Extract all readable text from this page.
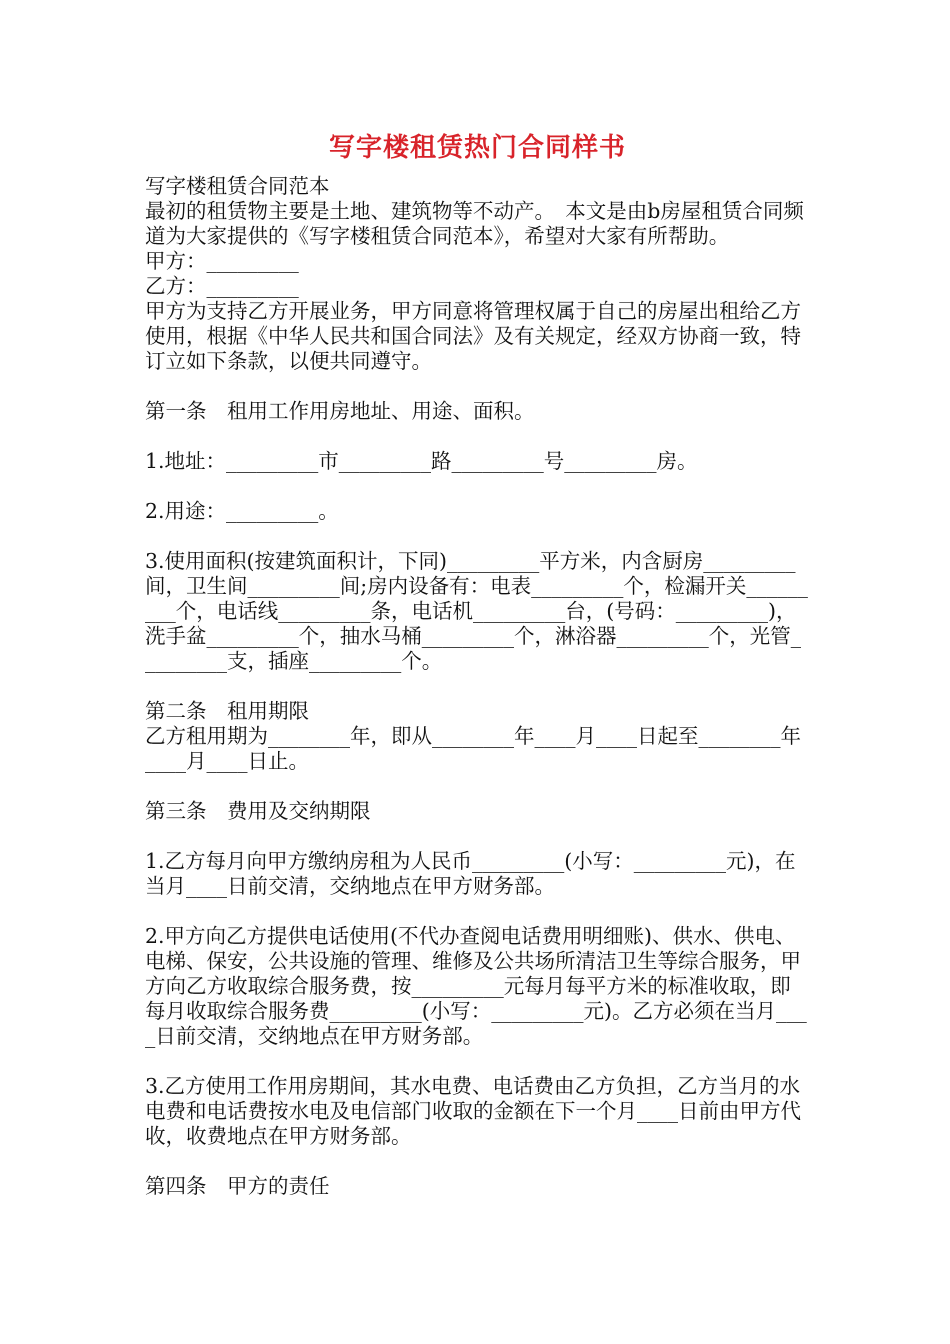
写字楼租赁热门合同样书

写字楼租赁合同范本

最初的租赁物主要是土地、建筑物等不动产。　本文是由b房屋租赁合同频道为大家提供的《写字楼租赁合同范本》，希望对大家有所帮助。

甲方：_________

乙方：_________

甲方为支持乙方开展业务，甲方同意将管理权属于自己的房屋出租给乙方使用，根据《中华人民共和国合同法》及有关规定，经双方协商一致，特订立如下条款，以便共同遵守。

第一条　租用工作用房地址、用途、面积。

1.地址：_________市_________路_________号_________房。

2.用途：_________。

3.使用面积(按建筑面积计，下同)_________平方米，内含厨房_________间，卫生间_________间;房内设备有：电表_________个，检漏开关_________个，电话线_________条，电话机_________台，(号码：_________)，洗手盆_________个，抽水马桶_________个，淋浴器_________个，光管_________支，插座_________个。

第二条　租用期限

乙方租用期为________年，即从________年____月____日起至________年____月____日止。

第三条　费用及交纳期限

1.乙方每月向甲方缴纳房租为人民币_________(小写：_________元)，在当月____日前交清，交纳地点在甲方财务部。

2.甲方向乙方提供电话使用(不代办查阅电话费用明细账)、供水、供电、电梯、保安，公共设施的管理、维修及公共场所清洁卫生等综合服务，甲方向乙方收取综合服务费，按_________元每月每平方米的标准收取，即每月收取综合服务费_________(小写：_________元)。乙方必须在当月____日前交清，交纳地点在甲方财务部。

3.乙方使用工作用房期间，其水电费、电话费由乙方负担，乙方当月的水电费和电话费按水电及电信部门收取的金额在下一个月____日前由甲方代收，收费地点在甲方财务部。

第四条　甲方的责任
